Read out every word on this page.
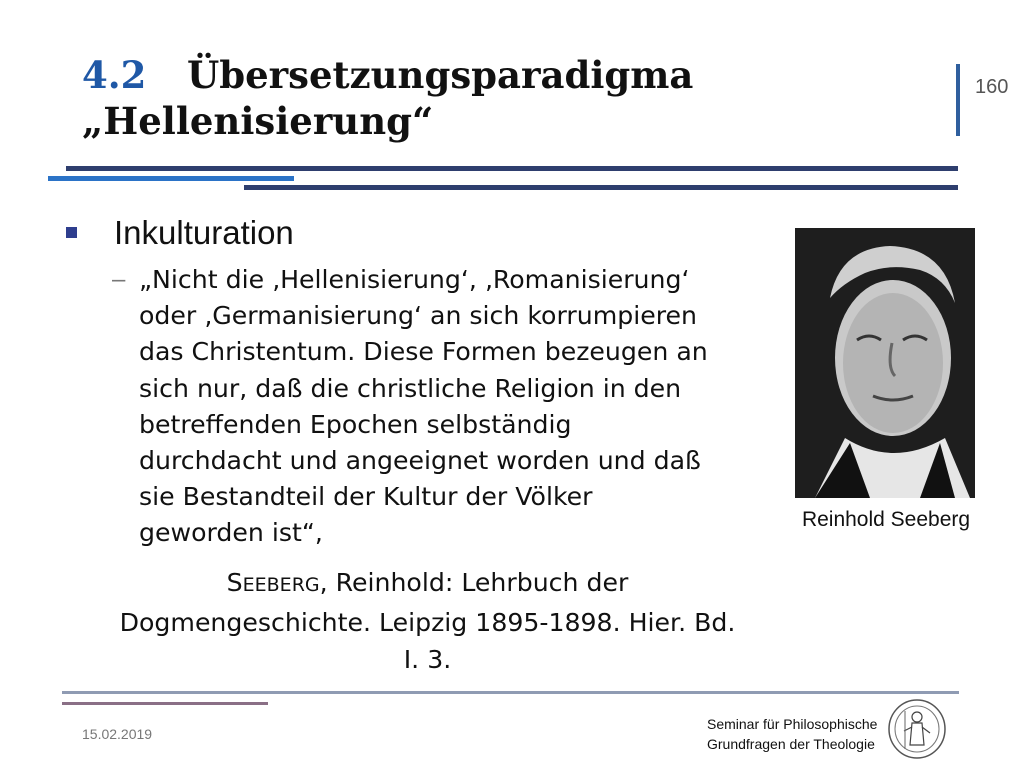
4.2 Übersetzungsparadigma
„Hellenisierung“
160
Inkulturation
– „Nicht die ‚Hellenisierung‘, ‚Romanisierung‘
oder ‚Germanisierung‘ an sich korrumpieren
das Christentum. Diese Formen bezeugen an
sich nur, daß die christliche Religion in den
betreffenden Epochen selbständig
durchdacht und angeeignet worden und daß
sie Bestandteil der Kultur der Völker
geworden ist“,

SEEBERG, Reinhold: Lehrbuch der
Dogmengeschichte. Leipzig 1895-1898. Hier. Bd.
I. 3.
Reinhold Seeberg
15.02.2019
Seminar für Philosophische
Grundfragen der Theologie
